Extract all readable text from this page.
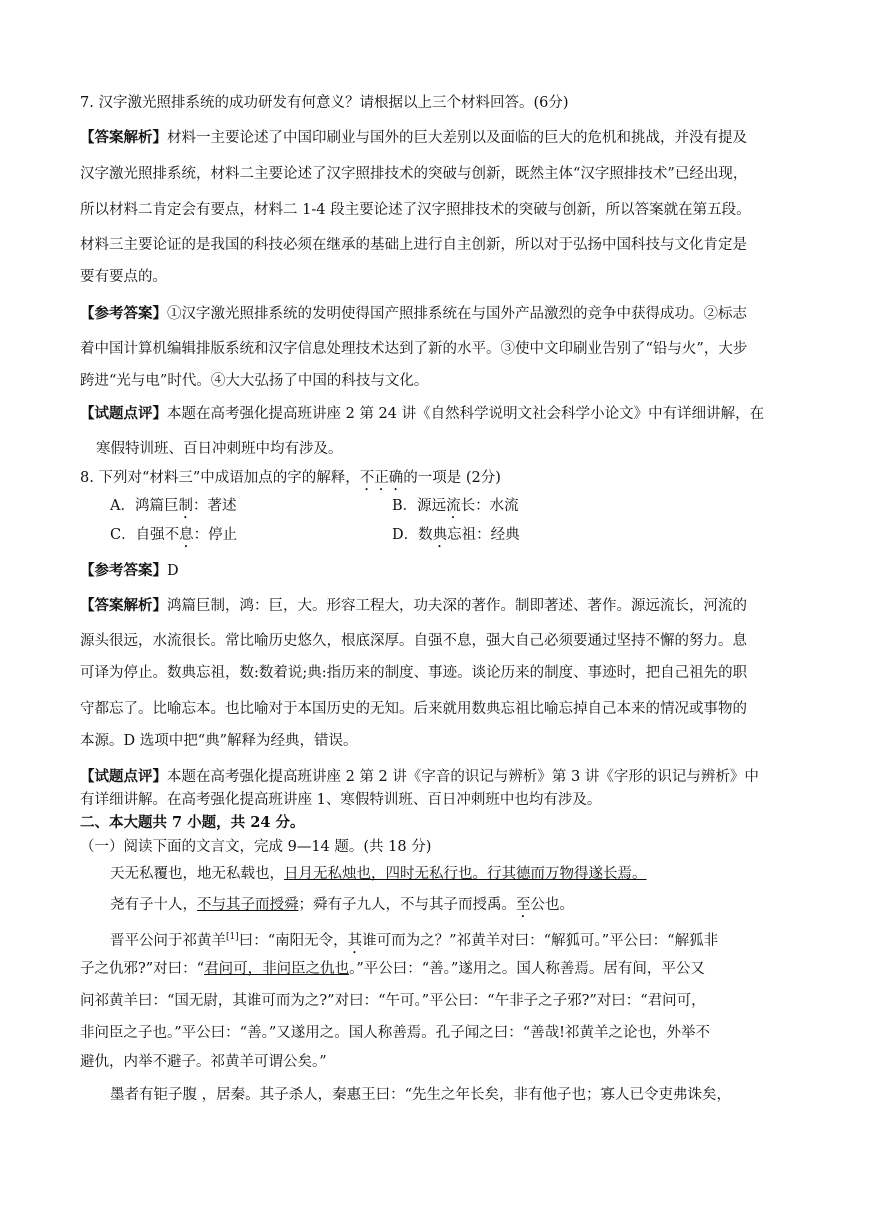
7. 汉字激光照排系统的成功研发有何意义？请根据以上三个材料回答。(6分)
【答案解析】材料一主要论述了中国印刷业与国外的巨大差别以及面临的巨大的危机和挑战，并没有提及
汉字激光照排系统，材料二主要论述了汉字照排技术的突破与创新，既然主体“汉字照排技术”已经出现，
所以材料二肯定会有要点，材料二 1-4 段主要论述了汉字照排技术的突破与创新，所以答案就在第五段。
材料三主要论证的是我国的科技必须在继承的基础上进行自主创新，所以对于弘扬中国科技与文化肯定是
要有要点的。
【参考答案】①汉字激光照排系统的发明使得国产照排系统在与国外产品激烈的竞争中获得成功。②标志
着中国计算机编辑排版系统和汉字信息处理技术达到了新的水平。③使中文印刷业告别了“铅与火”，大步
跨进“光与电”时代。④大大弘扬了中国的科技与文化。
【试题点评】本题在高考强化提高班讲座 2 第 24 讲《自然科学说明文社会科学小论文》中有详细讲解，在
寒假特训班、百日冲刺班中均有涉及。
8. 下列对“材料三”中成语加点的字的解释，不正确的一项是 (2分)
A．鸿篇巨制：著述	B．源远流长：水流
C．自强不息：停止	D．数典忘祖：经典
【参考答案】D
【答案解析】鸿篇巨制，鸿：巨，大。形容工程大，功夫深的著作。制即著述、著作。源远流长，河流的
源头很远，水流很长。常比喻历史悠久，根底深厚。自强不息，强大自己必须要通过坚持不懈的努力。息
可译为停止。数典忘祖，数:数着说;典:指历来的制度、事迹。谈论历来的制度、事迹时，把自己祖先的职
守都忘了。比喻忘本。也比喻对于本国历史的无知。后来就用数典忘祖比喻忘掉自己本来的情况或事物的
本源。D 选项中把“典”解释为经典，错误。
【试题点评】本题在高考强化提高班讲座 2 第 2 讲《字音的识记与辨析》第 3 讲《字形的识记与辨析》中
有详细讲解。在高考强化提高班讲座 1、寒假特训班、百日冲刺班中也均有涉及。
二、本大题共 7 小题，共 24 分。
（一）阅读下面的文言文，完成 9—14 题。(共 18 分)
天无私覆也，地无私载也，日月无私烛也，四时无私行也。行其德而万物得遂长焉。
尧有子十人，不与其子而授舜；舜有子九人，不与其子而授禹。至公也。
晋平公问于祁黄羊[1]曰：“南阳无令，其谁可而为之？”祁黄羊对曰：“解狐可。”平公曰：“解狐非
子之仇邪?”对曰：“君问可，非问臣之仇也。”平公曰：“善。”遂用之。国人称善焉。居有间，平公又
问祁黄羊曰：“国无尉，其谁可而为之?”对曰：“午可。”平公曰：“午非子之子邪?”对曰：“君问可，
非问臣之子也。”平公曰：“善。”又遂用之。国人称善焉。孔子闻之曰：“善哉!祁黄羊之论也，外举不
避仇，内举不避子。祁黄羊可谓公矣。”
墨者有钜子腹 ，居秦。其子杀人，秦惠王曰：“先生之年长矣，非有他子也；寡人已令吏弗诛矣，
